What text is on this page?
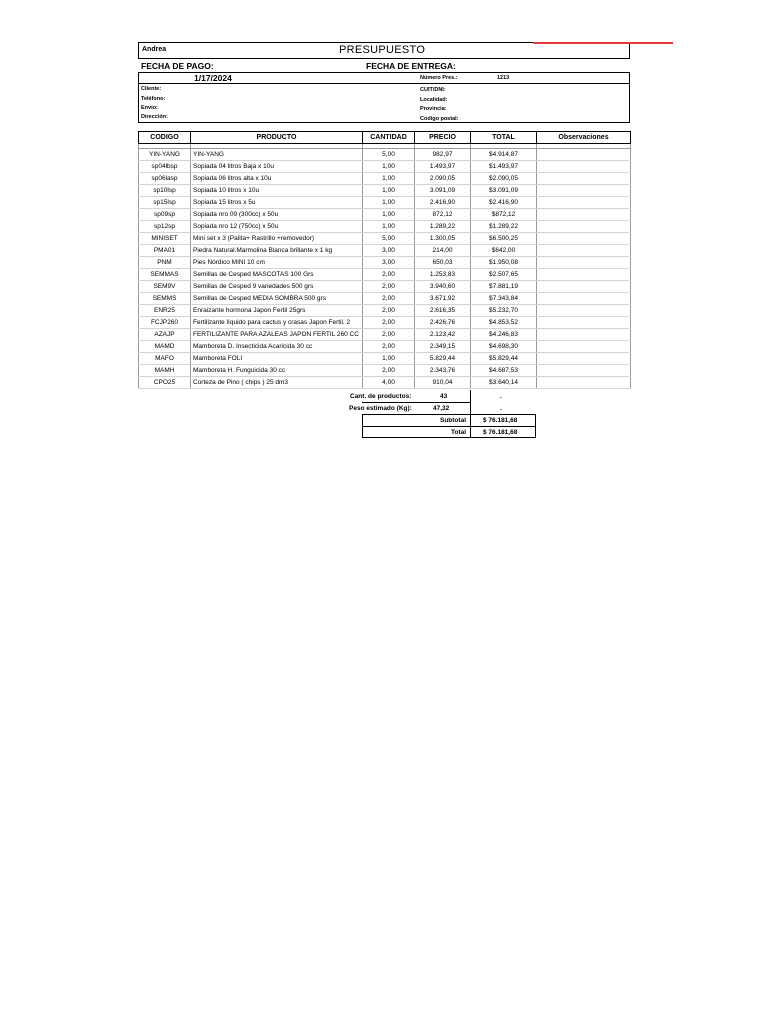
Andrea	PRESUPUESTO
FECHA DE PAGO:	FECHA DE ENTREGA:
1/17/2024	Número Pres.:	1213
Cliente:
Teléfono:
Envío:
Dirección:
CUIT/DNI:
Localidad:
Provincia:
Codigo postal:
CODIGO	PRODUCTO	CANTIDAD	PRECIO	TOTAL	Observaciones

YIN-YANG	YIN-YANG	5,00	982,97	$4.914,87	
sp04lbsp	Sopiada 04 litros Baja x 10u	1,00	1.493,97	$1.493,97	
sp06lasp	Sopiada 06 litros alta x 10u	1,00	2.090,05	$2.090,05	
sp10lsp	Sopiada 10 litros x 10u	1,00	3.091,09	$3.091,09	
sp15lsp	Sopiada 15 litros x 5u	1,00	2.416,90	$2.416,90	
sp09sp	Sopiada nro 09 (300cc) x 50u	1,00	872,12	$872,12	
sp12sp	Sopiada nro 12 (750cc) x 50u	1,00	1.289,22	$1.289,22	
MINISET	Mini set x 3 (Palita+ Rastrillo +removedor)	5,00	1.300,05	$6.500,25	
PMA01	Piedra Natural.Marmolina Blanca brillante x 1 kg	3,00	214,00	$642,00	
PNM	Pies Nórdico MINI 10 cm	3,00	650,03	$1.950,08	
SEMMAS	Semillas de Cesped MASCOTAS 100 Grs	2,00	1.253,83	$2.507,65	
SEM9V	Semillas de Cesped 9 variedades 500 grs	2,00	3.940,60	$7.881,19	
SEMMS	Semillas de Cesped MEDIA SOMBRA 500 grs	2,00	3.671,92	$7.343,84	
ENR25	Enraizante hormona Japon Fertil 25grs	2,00	2.616,35	$5.232,70	
FCJP260	Fertilizante líquido para cactus y crasas Japon Fertil. 2	2,00	2.426,76	$4.853,52	
AZAJP	FERTILIZANTE PARA AZALEAS JAPON FERTIL 260 CC	2,00	2.123,42	$4.246,83	
MAMD	Mamboreta D. Insecticida Acaricida 30 cc	2,00	2.349,15	$4.698,30	
MAFO	Mamboreta FOLI	1,00	5.829,44	$5.829,44	
MAMH	Mamboreta H. Funguicida 30 cc	2,00	2.343,76	$4.687,53	
CPO25	Corteza de Pino ( chips ) 25 dm3	4,00	910,04	$3.640,14	
Cant. de productos:	43	.
Peso estimado (Kg):	47,32	.
Subtotal	$ 76.181,68
Total	$ 76.181,68
